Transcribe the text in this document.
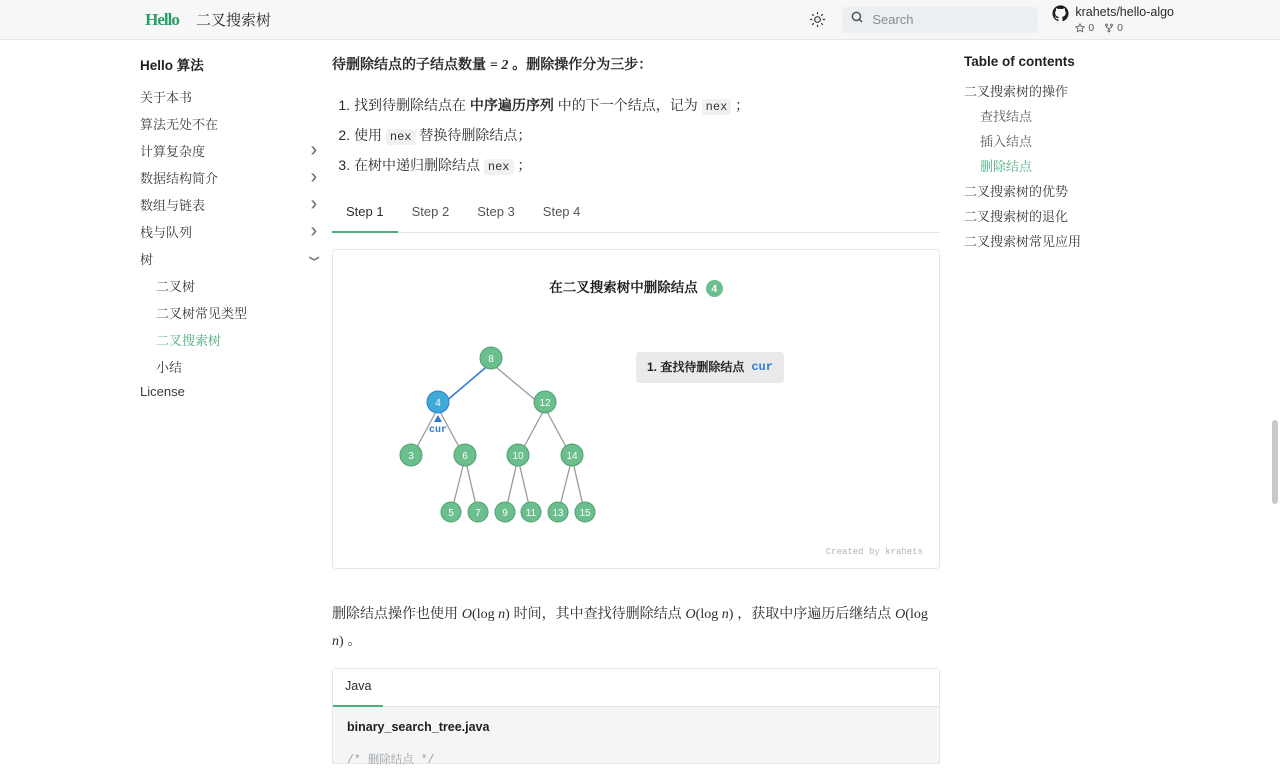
Hello 二叉搜索树	Search	krahets/hello-algo
0 0
Hello 算法
关于本书
算法无处不在
计算复杂度	❯
数据结构简介	❯
数组与链表	❯
栈与队列	❯
树	❯
二叉树
二叉树常见类型
二叉搜索树
小结
License

待删除结点的子结点数量 = 2 。删除操作分为三步：

1. 找到待删除结点在 中序遍历序列 中的下一个结点，记为 nex ；
2. 使用 nex 替换待删除结点；
3. 在树中递归删除结点 nex ；
Step 1	Step 2	Step 3	Step 4
在二叉搜索树中删除结点 4
8
4	12
3	6	10	14
5 7 9 11 13 15
cur
1. 查找待删除结点 cur
Created by krahets

删除结点操作也使用 O(log n) 时间，其中查找待删除结点 O(log n) ，获取中序遍历后继结点 O(log n) 。

Java
binary_search_tree.java
/* 删除结点 */
Table of contents
二叉搜索树的操作
查找结点
插入结点
删除结点
二叉搜索树的优势
二叉搜索树的退化
二叉搜索树常见应用
